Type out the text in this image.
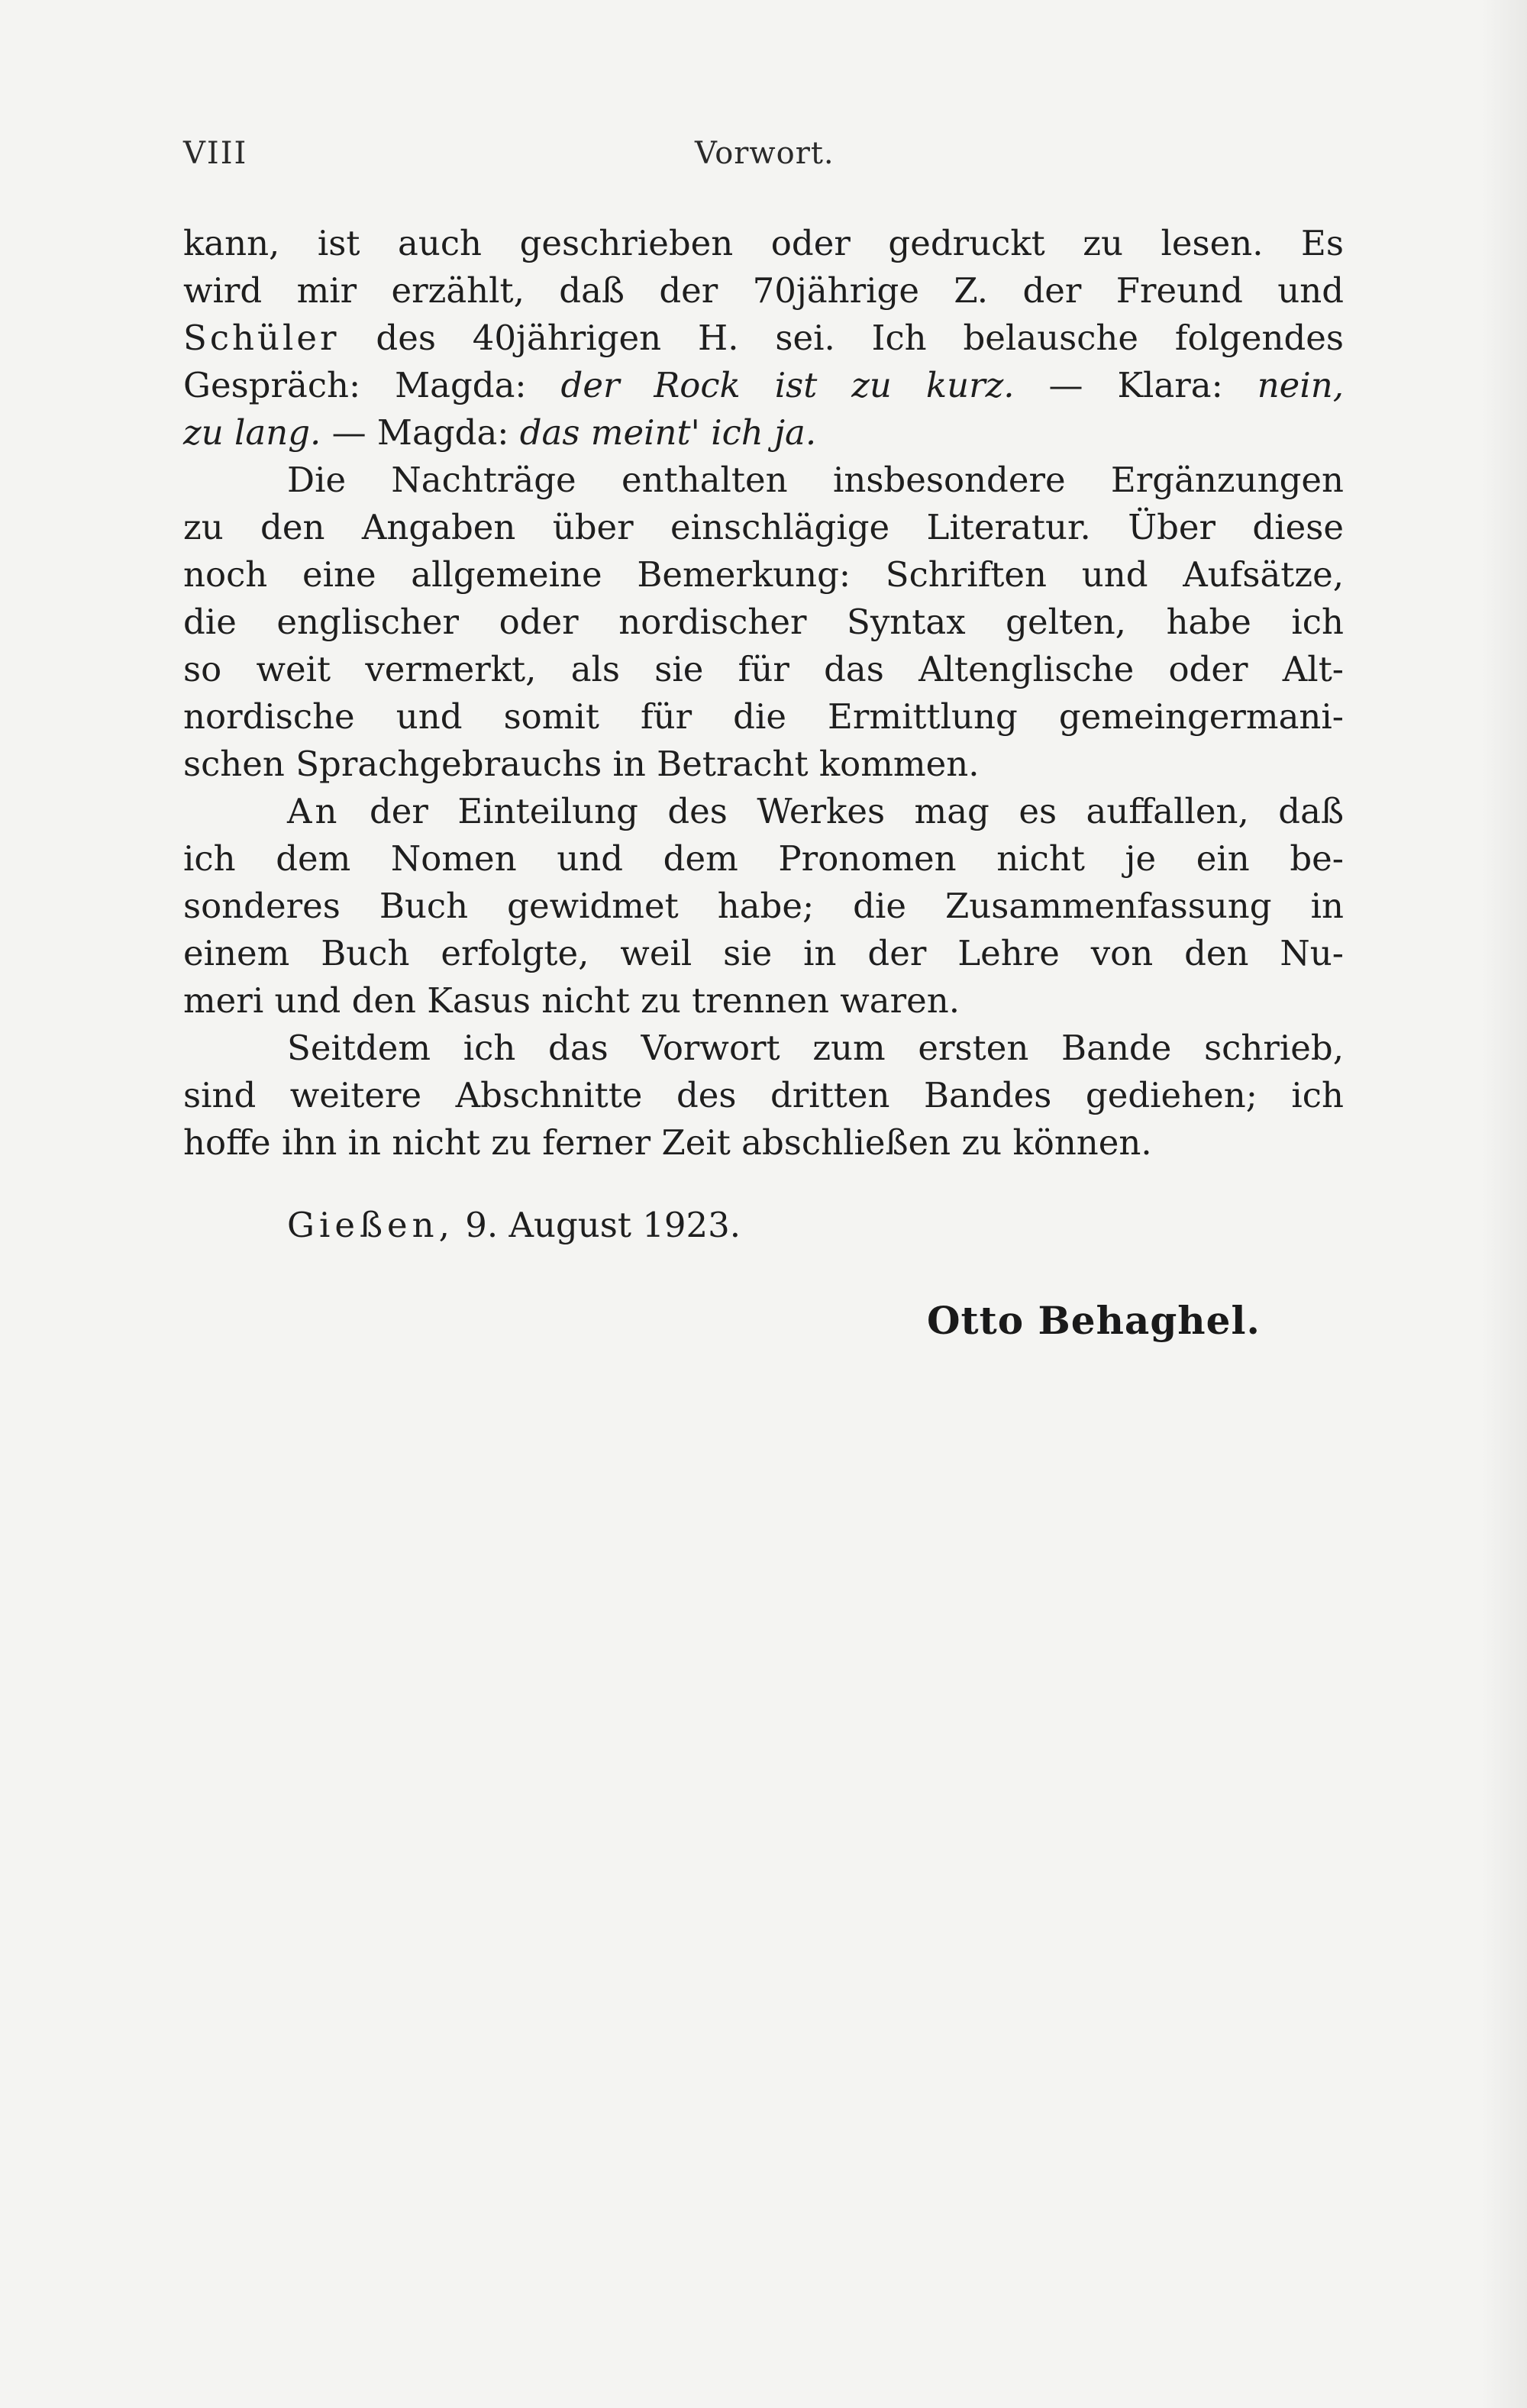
VIII	Vorwort.
kann, ist auch geschrieben oder gedruckt zu lesen. Es
wird mir erzählt, daß der 70jährige Z. der Freund und
Schüler des 40jährigen H. sei. Ich belausche folgendes
Gespräch: Magda: der Rock ist zu kurz. — Klara: nein,
zu lang. — Magda: das meint' ich ja.
Die Nachträge enthalten insbesondere Ergänzungen
zu den Angaben über einschlägige Literatur. Über diese
noch eine allgemeine Bemerkung: Schriften und Aufsätze,
die englischer oder nordischer Syntax gelten, habe ich
so weit vermerkt, als sie für das Altenglische oder Alt-
nordische und somit für die Ermittlung gemeingermani-
schen Sprachgebrauchs in Betracht kommen.
An der Einteilung des Werkes mag es auffallen, daß
ich dem Nomen und dem Pronomen nicht je ein be-
sonderes Buch gewidmet habe; die Zusammenfassung in
einem Buch erfolgte, weil sie in der Lehre von den Nu-
meri und den Kasus nicht zu trennen waren.
Seitdem ich das Vorwort zum ersten Bande schrieb,
sind weitere Abschnitte des dritten Bandes gediehen; ich
hoffe ihn in nicht zu ferner Zeit abschließen zu können.
Gießen, 9. August 1923.
Otto Behaghel.
